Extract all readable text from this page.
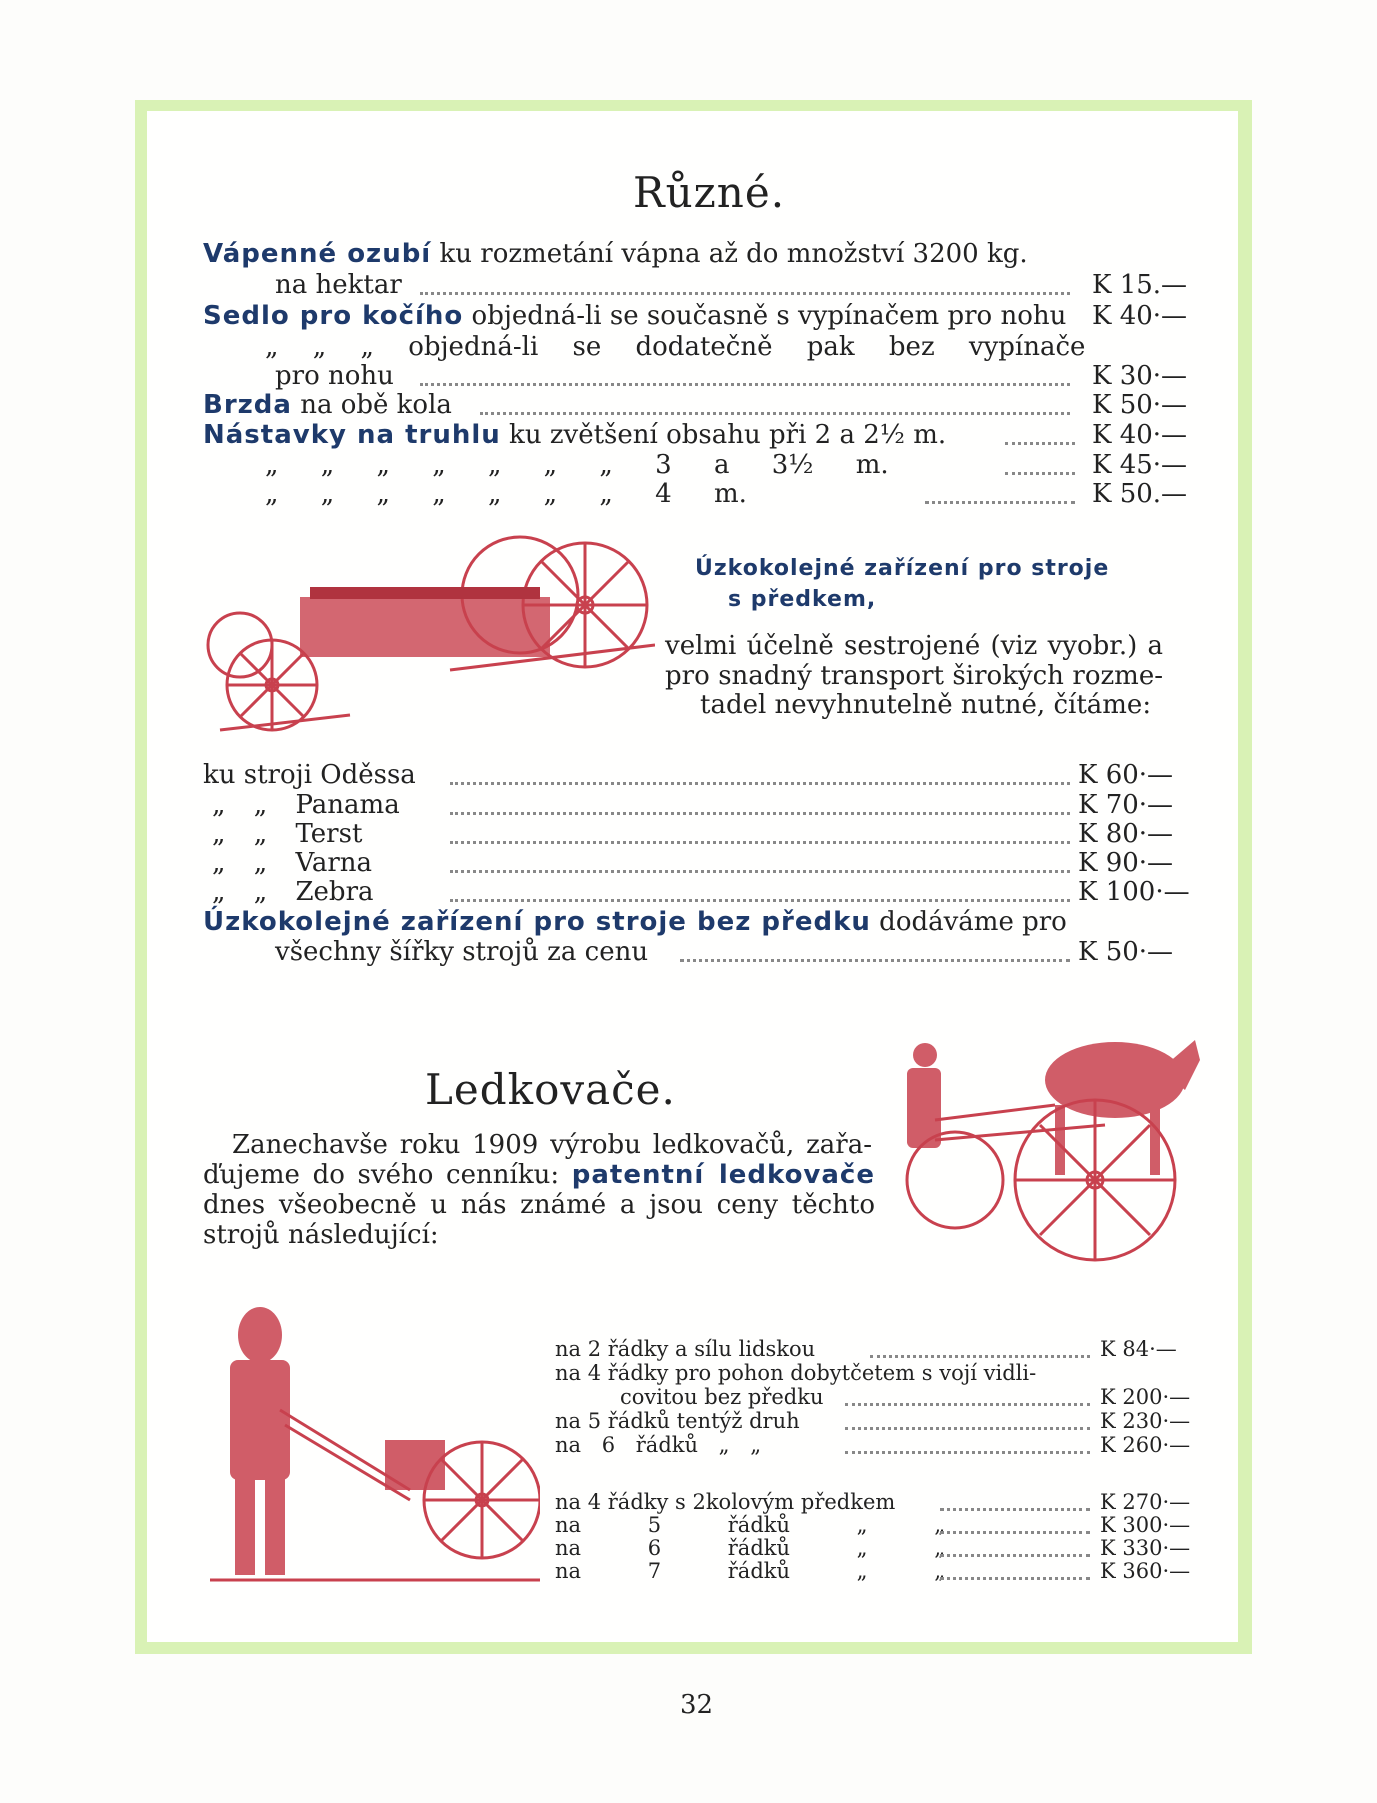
Různé.
Vápenné ozubí ku rozmetání vápna až do množství 3200 kg.
na hektar	K 15.—
Sedlo pro kočího objedná-li se současně s vypínačem pro nohu K 40·—
„ „ „ objedná-li se dodatečně pak bez vypínače
pro nohu	K 30·—
Brzda na obě kola	K 50·—
Nástavky na truhlu ku zvětšení obsahu při 2 a 2½ m.	K 40·—
„ „ „ „ „ „ „ 3 a 3½ m.	K 45·—
„ „ „ „ „ „ „ 4 m.	K 50.—
Úzkokolejné zařízení pro stroje
s předkem,
velmi účelně sestrojené (viz vyobr.) a
pro snadný transport širokých rozme-
tadel nevyhnutelně nutné, čítáme:
ku stroji Oděssa	K 60·—
„ „ Panama	K 70·—
„ „ Terst	K 80·—
„ „ Varna	K 90·—
„ „ Zebra	K 100·—
Úzkokolejné zařízení pro stroje bez předku dodáváme pro
všechny šířky strojů za cenu	K 50·—
Ledkovače.
Zanechavše roku 1909 výrobu ledkovačů, zařa-
ďujeme do svého cenníku: patentní ledkovače
dnes všeobecně u nás známé a jsou ceny těchto
strojů následující:
na 2 řádky a sílu lidskou	K 84·—
na 4 řádky pro pohon dobytčetem s vojí vidli-
covitou bez předku	K 200·—
na 5 řádků tentýž druh	K 230·—
na 6 řádků „ „	K 260·—
na 4 řádky s 2kolovým předkem	K 270·—
na 5 řádků „ „	K 300·—
na 6 řádků „ „	K 330·—
na 7 řádků „ „	K 360·—
32
